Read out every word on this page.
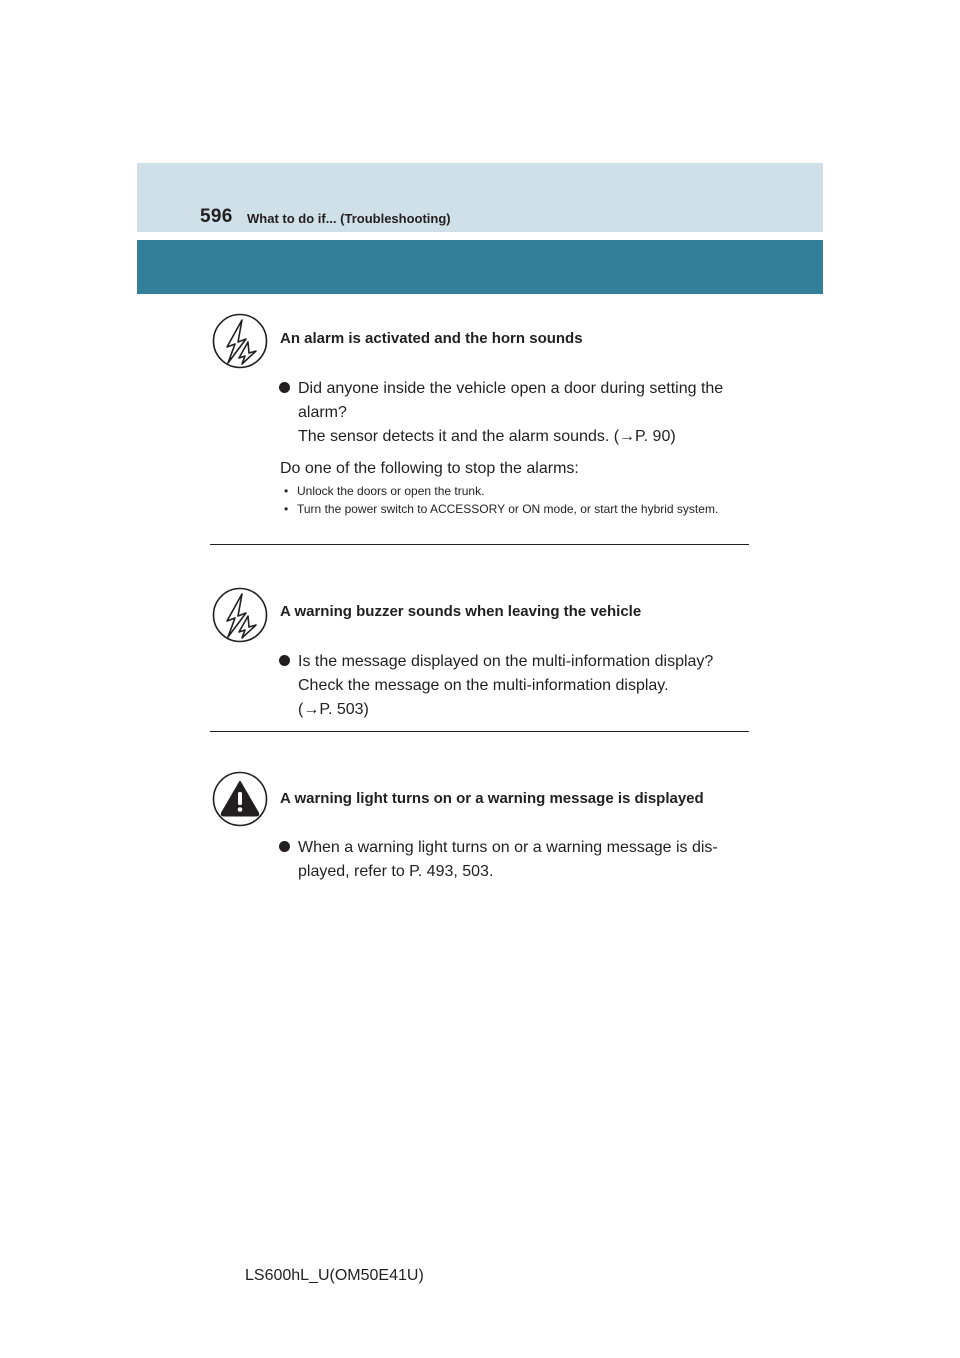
596 What to do if... (Troubleshooting)
An alarm is activated and the horn sounds

Did anyone inside the vehicle open a door during setting the

alarm?

The sensor detects it and the alarm sounds. (→P. 90)

Do one of the following to stop the alarms:
• Unlock the doors or open the trunk.
• Turn the power switch to ACCESSORY or ON mode, or start the hybrid system.
A warning buzzer sounds when leaving the vehicle

Is the message displayed on the multi-information display?

Check the message on the multi-information display.

(→P. 503)

A warning light turns on or a warning message is displayed

When a warning light turns on or a warning message is dis-

played, refer to P. 493, 503.

LS600hL_U(OM50E41U)
